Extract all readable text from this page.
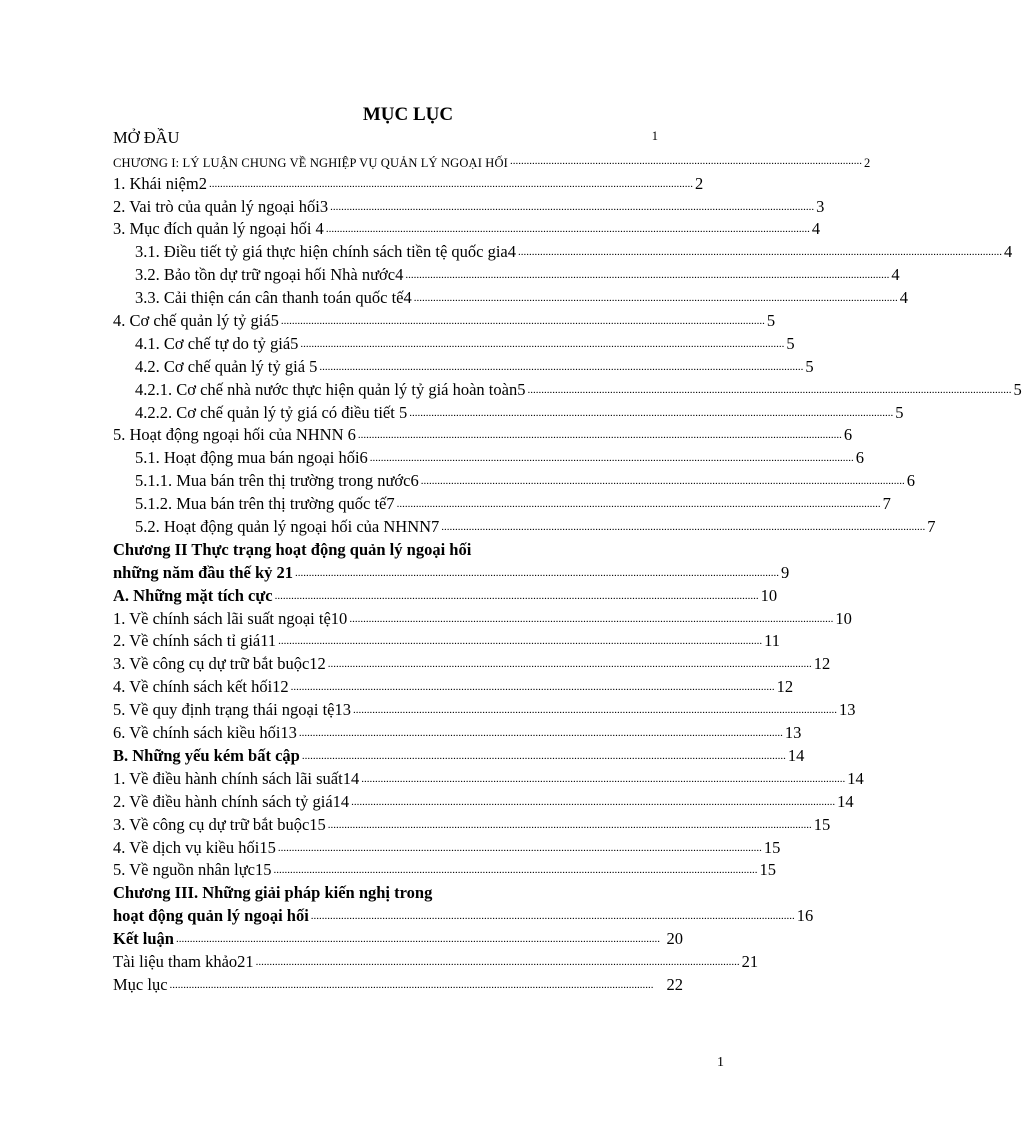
MỤC LỤC
MỞ ĐẦU	1
CHƯƠNG I: LÝ LUẬN CHUNG VỀ NGHIỆP VỤ QUẢN LÝ NGOẠI HỐI ................................................................................................................................ 2
1. Khái niệm2 ................................................................................................................................................................................ 2
2. Vai trò của quản lý ngoại hối3 ................................................................................................................................................................................ 3
3. Mục đích quản lý ngoại hối 4 ................................................................................................................................................................................ 4
3.1. Điều tiết tỷ giá thực hiện chính sách tiền tệ quốc gia4 ................................................................................................................................................................................ 4
3.2. Bảo tồn dự trữ ngoại hối Nhà nước4 ................................................................................................................................................................................ 4
3.3. Cải thiện cán cân thanh toán quốc tế4 ................................................................................................................................................................................ 4
4. Cơ chế quản lý tỷ giá5 ................................................................................................................................................................................ 5
4.1. Cơ chế tự do tỷ giá5 ................................................................................................................................................................................ 5
4.2. Cơ chế quản lý tỷ giá 5 ................................................................................................................................................................................ 5
4.2.1. Cơ chế nhà nước thực hiện quản lý tỷ giá hoàn toàn5 ................................................................................................................................................................................ 5
4.2.2. Cơ chế quản lý tỷ giá có điều tiết 5 ................................................................................................................................................................................ 5
5. Hoạt động ngoại hối của NHNN 6 ................................................................................................................................................................................ 6
5.1. Hoạt động mua bán ngoại hối6 ................................................................................................................................................................................ 6
5.1.1. Mua bán trên thị trường trong nước6 ................................................................................................................................................................................ 6
5.1.2. Mua bán trên thị trường quốc tế7 ................................................................................................................................................................................ 7
5.2. Hoạt động quản lý ngoại hối của NHNN7 ................................................................................................................................................................................ 7
Chương II Thực trạng hoạt động quản lý ngoại hối
những năm đầu thế kỷ 21 ................................................................................................................................................................................ 9
A. Những mặt tích cực ................................................................................................................................................................................ 10
1. Về chính sách lãi suất ngoại tệ10 ................................................................................................................................................................................ 10
2. Về chính sách tỉ giá11 ................................................................................................................................................................................ 11
3. Về công cụ dự trữ bắt buộc12 ................................................................................................................................................................................ 12
4. Về chính sách kết hối12 ................................................................................................................................................................................ 12
5. Về quy định trạng thái ngoại tệ13 ................................................................................................................................................................................ 13
6. Về chính sách kiều hối13 ................................................................................................................................................................................ 13
B. Những yếu kém bất cập ................................................................................................................................................................................ 14
1. Về điều hành chính sách lãi suất14 ................................................................................................................................................................................ 14
2. Về điều hành chính sách tỷ giá14 ................................................................................................................................................................................ 14
3. Về công cụ dự trữ bắt buộc15 ................................................................................................................................................................................ 15
4. Về dịch vụ kiều hối15 ................................................................................................................................................................................ 15
5. Về nguồn nhân lực15 ................................................................................................................................................................................ 15
Chương III. Những giải pháp kiến nghị trong
hoạt động quản lý ngoại hối ................................................................................................................................................................................ 16
Kết luận ................................................................................................................................................................................ 20
Tài liệu tham khảo21 ................................................................................................................................................................................ 21
Mục lục ................................................................................................................................................................................ 22
1
